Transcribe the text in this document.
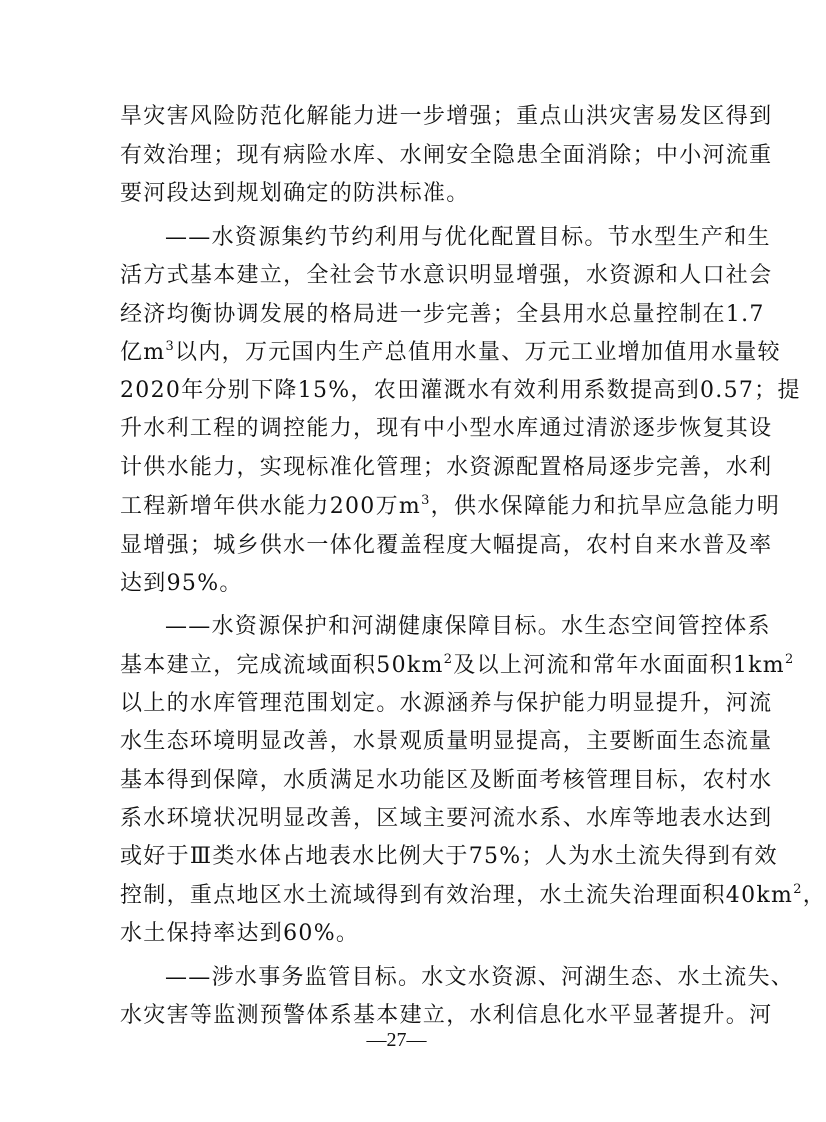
旱灾害风险防范化解能力进一步增强；重点山洪灾害易发区得到
有效治理；现有病险水库、水闸安全隐患全面消除；中小河流重
要河段达到规划确定的防洪标准。
——水资源集约节约利用与优化配置目标。节水型生产和生
活方式基本建立，全社会节水意识明显增强，水资源和人口社会
经济均衡协调发展的格局进一步完善；全县用水总量控制在1.7
亿$m^3$以内，万元国内生产总值用水量、万元工业增加值用水量较
2020年分别下降15%，农田灌溉水有效利用系数提高到0.57；提
升水利工程的调控能力，现有中小型水库通过清淤逐步恢复其设
计供水能力，实现标准化管理；水资源配置格局逐步完善，水利
工程新增年供水能力200万$m^3$，供水保障能力和抗旱应急能力明
显增强；城乡供水一体化覆盖程度大幅提高，农村自来水普及率
达到95%。
——水资源保护和河湖健康保障目标。水生态空间管控体系
基本建立，完成流域面积$50km^2$及以上河流和常年水面面积$1km^2$
以上的水库管理范围划定。水源涵养与保护能力明显提升，河流
水生态环境明显改善，水景观质量明显提高，主要断面生态流量
基本得到保障，水质满足水功能区及断面考核管理目标，农村水
系水环境状况明显改善，区域主要河流水系、水库等地表水达到
或好于Ⅲ类水体占地表水比例大于75%；人为水土流失得到有效
控制，重点地区水土流域得到有效治理，水土流失治理面积$40km^2$，
水土保持率达到60%。
——涉水事务监管目标。水文水资源、河湖生态、水土流失、
水灾害等监测预警体系基本建立，水利信息化水平显著提升。河
—27—
